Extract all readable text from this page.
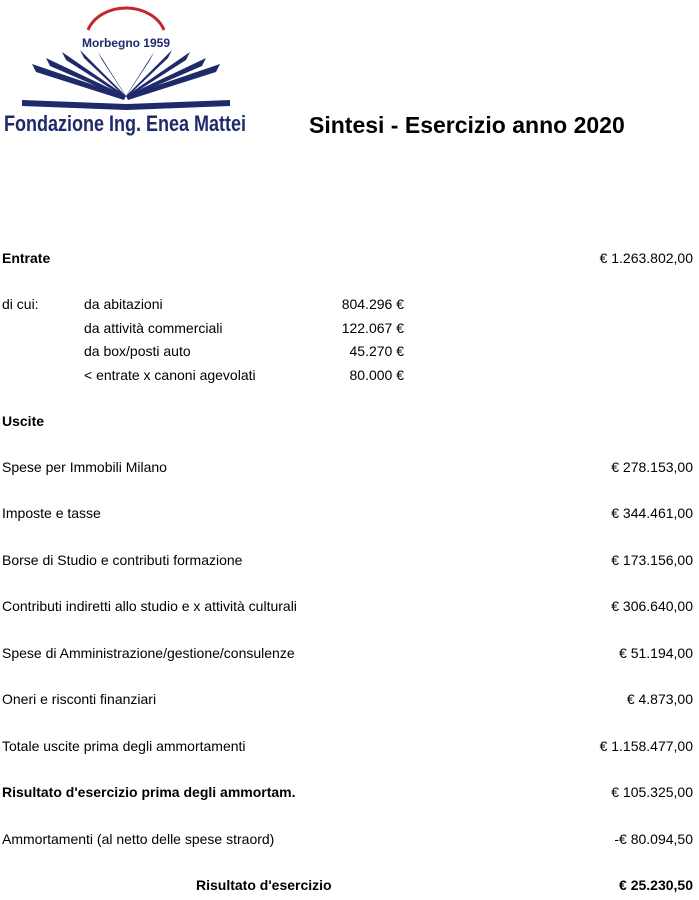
Morbegno 1959
Fondazione Ing. Enea Mattei	Sintesi - Esercizio anno 2020
Entrate	€ 1.263.802,00
di cui:	da abitazioni	804.296 €
da attività commerciali	122.067 €
da box/posti auto	45.270 €
< entrate x canoni agevolati	80.000 €
Uscite
Spese per Immobili Milano	€ 278.153,00
Imposte e tasse	€ 344.461,00
Borse di Studio e contributi formazione	€ 173.156,00
Contributi indiretti allo studio e x attività culturali	€ 306.640,00
Spese di Amministrazione/gestione/consulenze	€ 51.194,00
Oneri e risconti finanziari	€ 4.873,00
Totale uscite prima degli ammortamenti	€ 1.158.477,00
Risultato d'esercizio prima degli ammortam.	€ 105.325,00
Ammortamenti (al netto delle spese straord)	-€ 80.094,50
Risultato d'esercizio	€ 25.230,50
